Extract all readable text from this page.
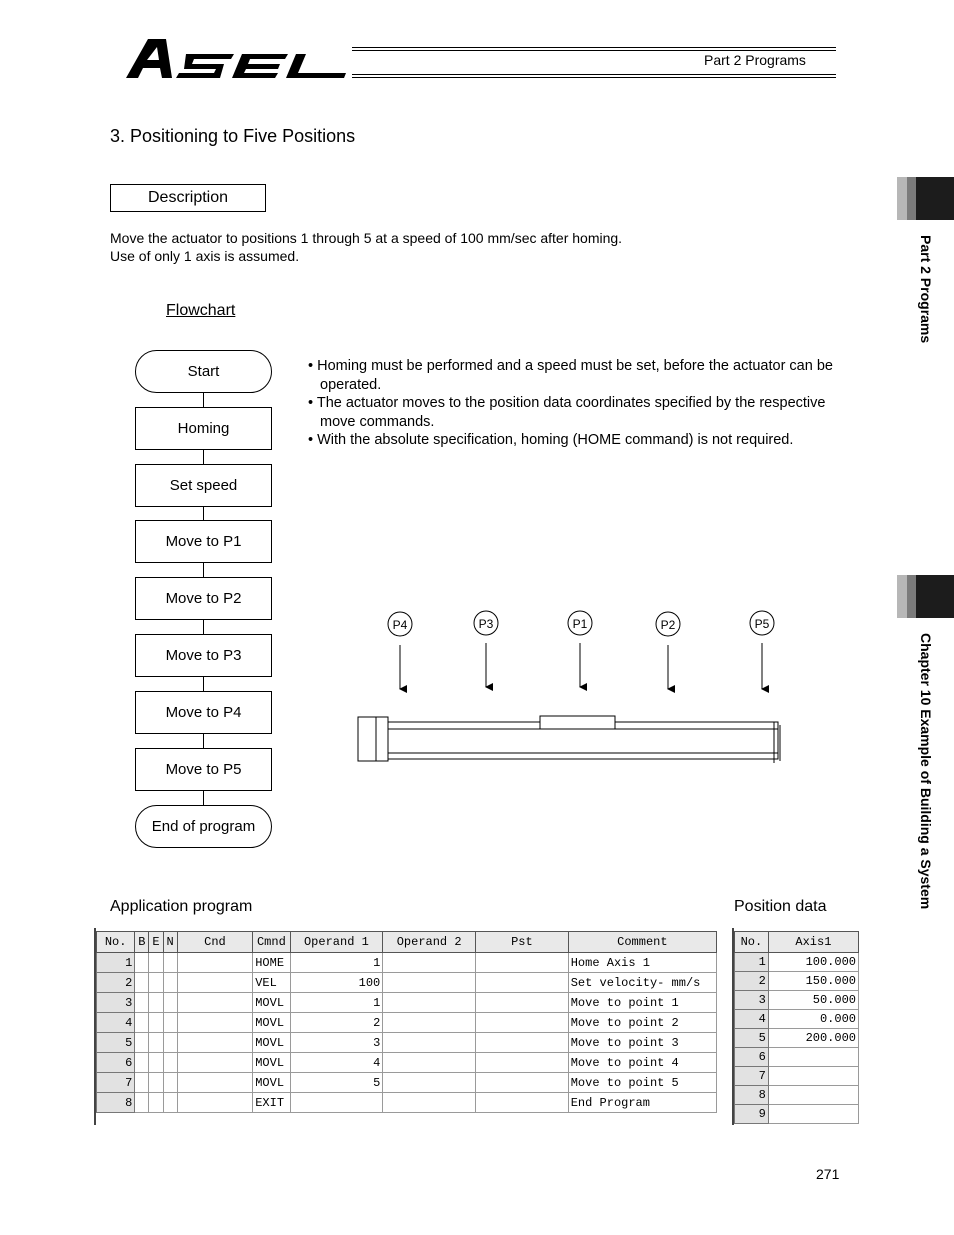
Part 2 Programs
3. Positioning to Five Positions
Description
Move the actuator to positions 1 through 5 at a speed of 100 mm/sec after homing.
Use of only 1 axis is assumed.
Flowchart
Start
Homing
Set speed
Move to P1
Move to P2
Move to P3
Move to P4
Move to P5
End of program
• Homing must be performed and a speed must be set, before the actuator can be operated.
• The actuator moves to the position data coordinates specified by the respective move commands.
• With the absolute specification, homing (HOME command) is not required.
P4	P3	P1	P2	P5
Application program	Position data
No.	B	E	N	Cnd	Cmnd	Operand 1	Operand 2	Pst	Comment
1					HOME	1			Home Axis 1
2					VEL	100			Set velocity- mm/s
3					MOVL	1			Move to point 1
4					MOVL	2			Move to point 2
5					MOVL	3			Move to point 3
6					MOVL	4			Move to point 4
7					MOVL	5			Move to point 5
8					EXIT				End Program
No.	Axis1
1	100.000
2	150.000
3	50.000
4	0.000
5	200.000
6	
7	
8	
9	
Part 2 Programs
Chapter 10 Example of Building a System
271
